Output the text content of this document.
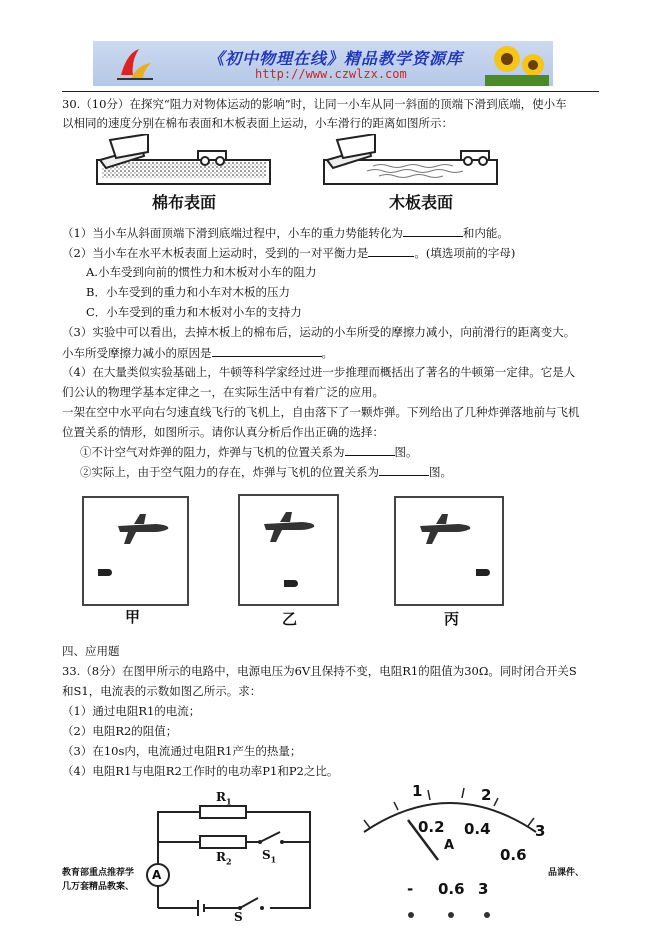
《初中物理在线》精品教学资源库
http://www.czwlzx.com
30.（10分）在探究“阻力对物体运动的影响”时，让同一小车从同一斜面的顶端下滑到底端，使小车
以相同的速度分别在棉布表面和木板表面上运动，小车滑行的距离如图所示：
棉布表面	木板表面
（1）当小车从斜面顶端下滑到底端过程中，小车的重力势能转化为	和内能。
（2）当小车在水平木板表面上运动时，受到的一对平衡力是	。(填选项前的字母)
A.小车受到向前的惯性力和木板对小车的阻力
B．小车受到的重力和小车对木板的压力
C．小车受到的重力和木板对小车的支持力
（3）实验中可以看出，去掉木板上的棉布后，运动的小车所受的摩擦力减小，向前滑行的距离变大。
小车所受摩擦力减小的原因是	。
（4）在大量类似实验基础上，牛顿等科学家经过进一步推理而概括出了著名的牛顿第一定律。它是人
们公认的物理学基本定律之一，在实际生活中有着广泛的应用。
一架在空中水平向右匀速直线飞行的飞机上，自由落下了一颗炸弹。下列给出了几种炸弹落地前与飞机
位置关系的情形，如图所示。请你认真分析后作出正确的选择：
①不计空气对炸弹的阻力，炸弹与飞机的位置关系为	图。
②实际上，由于空气阻力的存在，炸弹与飞机的位置关系为	图。
甲	乙	丙
四、应用题
33.（8分）在图甲所示的电路中，电源电压为6V且保持不变，电阻R1的阻值为30Ω。同时闭合开关S
和S1，电流表的示数如图乙所示。求：
（1）通过电阻R1的电流；
（2）电阻R2的阻值；
（3）在10s内，电流通过电阻R1产生的热量；
（4）电阻R1与电阻R2工作时的电功率P1和P2之比。
A
$R_1$
$R_2$	$S_1$
S
教育部重点推荐学
几万套精品教案、
1	2
3
0.2 0.4
0.6
A
- 0.6 3
品课件、
